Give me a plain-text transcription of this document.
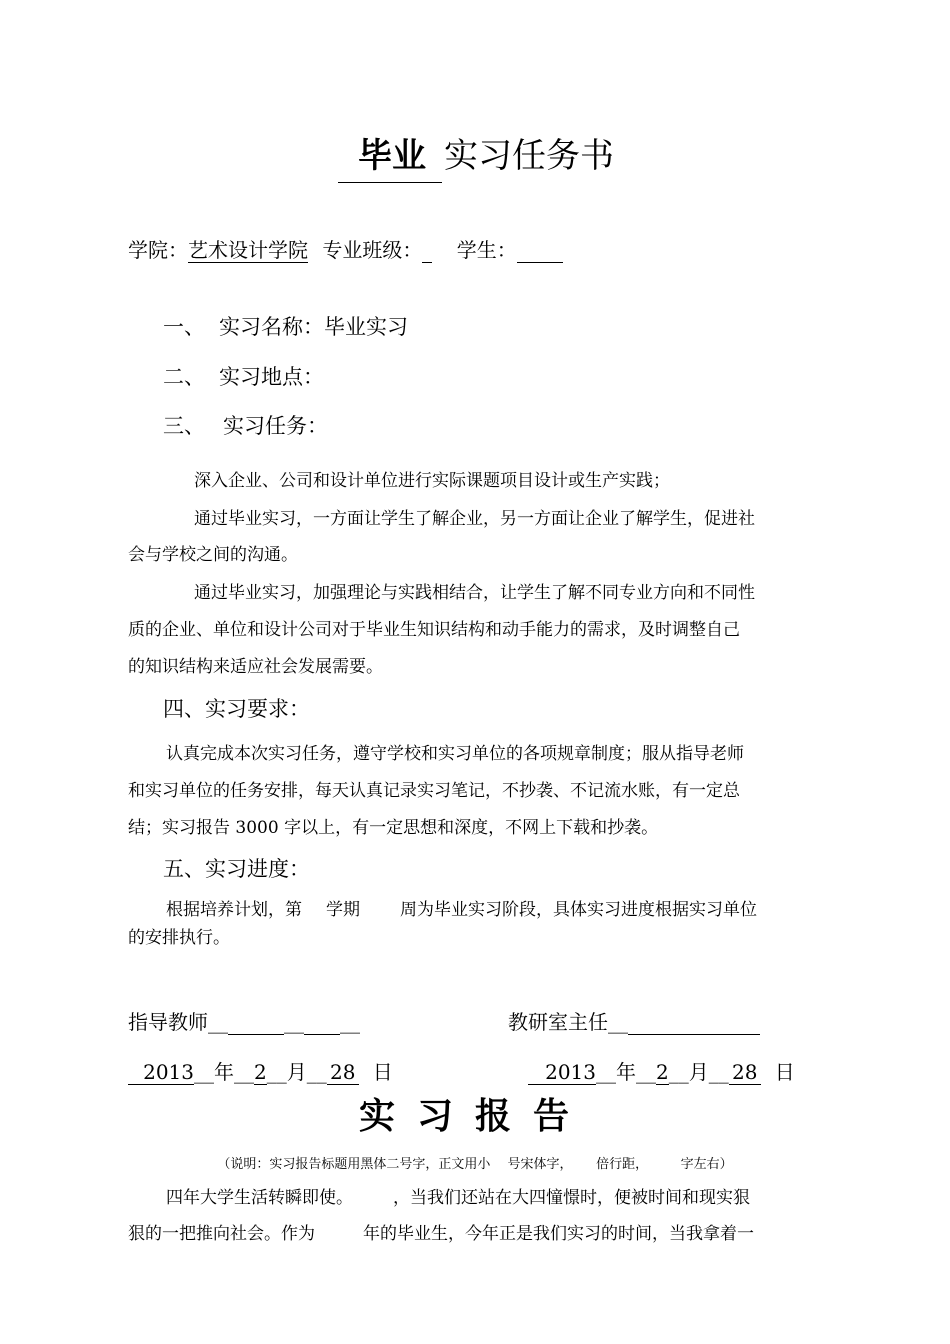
毕业 实习任务书
学院：艺术设计学院 专业班级： 学生：
一、 实习名称：毕业实习
二、 实习地点：
三、 实习任务：
深入企业、公司和设计单位进行实际课题项目设计或生产实践；
通过毕业实习，一方面让学生了解企业，另一方面让企业了解学生，促进社
会与学校之间的沟通。
通过毕业实习，加强理论与实践相结合，让学生了解不同专业方向和不同性
质的企业、单位和设计公司对于毕业生知识结构和动手能力的需求，及时调整自己
的知识结构来适应社会发展需要。
四、实习要求：
认真完成本次实习任务，遵守学校和实习单位的各项规章制度；服从指导老师
和实习单位的任务安排，每天认真记录实习笔记，不抄袭、不记流水账，有一定总
结；实习报告 3000 字以上，有一定思想和深度，不网上下载和抄袭。
五、实习进度：
根据培养计划，第 学期 周为毕业实习阶段，具体实习进度根据实习单位
的安排执行。
指导教师__	__ __	教研室主任__
2013__年__2__月__ 28 日	2013__年__2__月__ 28 日
实习报告
（说明：实习报告标题用黑体二号字，正文用小　 号宋体字，　　 倍行距，　　　字左右）
四年大学生活转瞬即使。 ，当我们还站在大四憧憬时，便被时间和现实狠
狠的一把推向社会。作为	年的毕业生，今年正是我们实习的时间，当我拿着一
